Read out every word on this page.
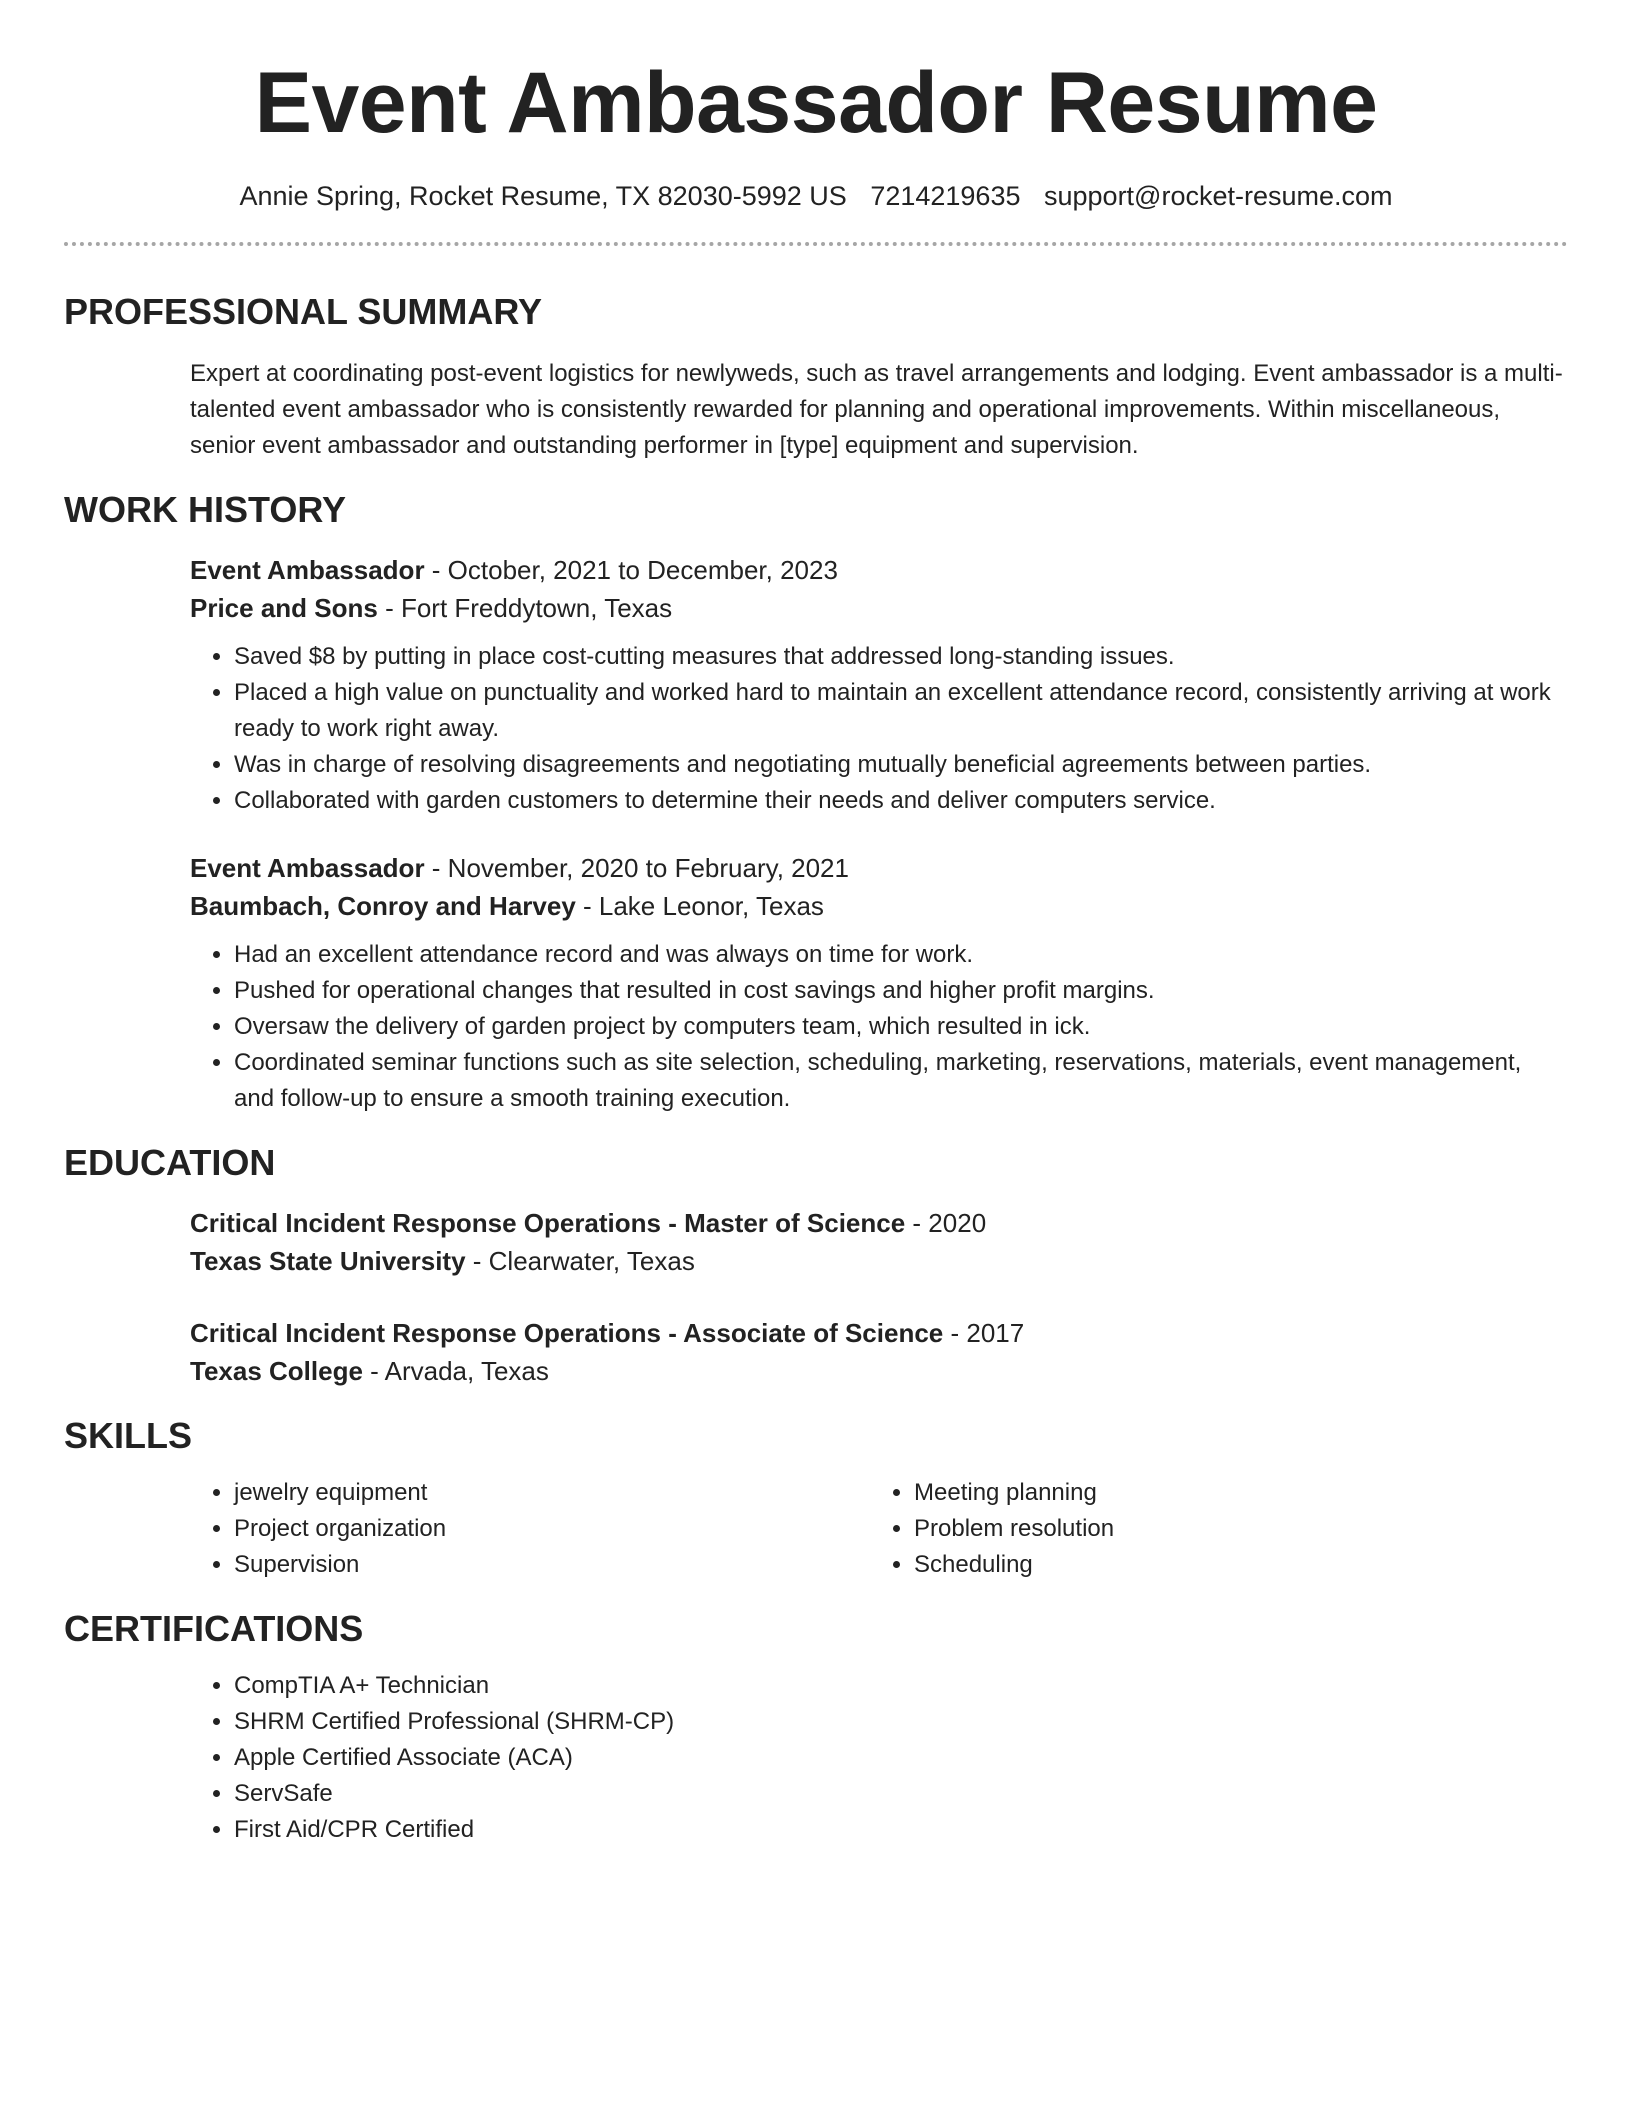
Event Ambassador Resume
Annie Spring, Rocket Resume, TX 82030-5992 US 7214219635 support@rocket-resume.com
PROFESSIONAL SUMMARY
Expert at coordinating post-event logistics for newlyweds, such as travel arrangements and lodging. Event ambassador is a multi-talented event ambassador who is consistently rewarded for planning and operational improvements. Within miscellaneous, senior event ambassador and outstanding performer in [type] equipment and supervision.
WORK HISTORY
Event Ambassador - October, 2021 to December, 2023
Price and Sons - Fort Freddytown, Texas
• Saved $8 by putting in place cost-cutting measures that addressed long-standing issues.
• Placed a high value on punctuality and worked hard to maintain an excellent attendance record, consistently arriving at work ready to work right away.
• Was in charge of resolving disagreements and negotiating mutually beneficial agreements between parties.
• Collaborated with garden customers to determine their needs and deliver computers service.
Event Ambassador - November, 2020 to February, 2021
Baumbach, Conroy and Harvey - Lake Leonor, Texas
• Had an excellent attendance record and was always on time for work.
• Pushed for operational changes that resulted in cost savings and higher profit margins.
• Oversaw the delivery of garden project by computers team, which resulted in ick.
• Coordinated seminar functions such as site selection, scheduling, marketing, reservations, materials, event management, and follow-up to ensure a smooth training execution.
EDUCATION
Critical Incident Response Operations - Master of Science - 2020
Texas State University - Clearwater, Texas
Critical Incident Response Operations - Associate of Science - 2017
Texas College - Arvada, Texas
SKILLS
• jewelry equipment
• Project organization
• Supervision
• Meeting planning
• Problem resolution
• Scheduling
CERTIFICATIONS
• CompTIA A+ Technician
• SHRM Certified Professional (SHRM-CP)
• Apple Certified Associate (ACA)
• ServSafe
• First Aid/CPR Certified
